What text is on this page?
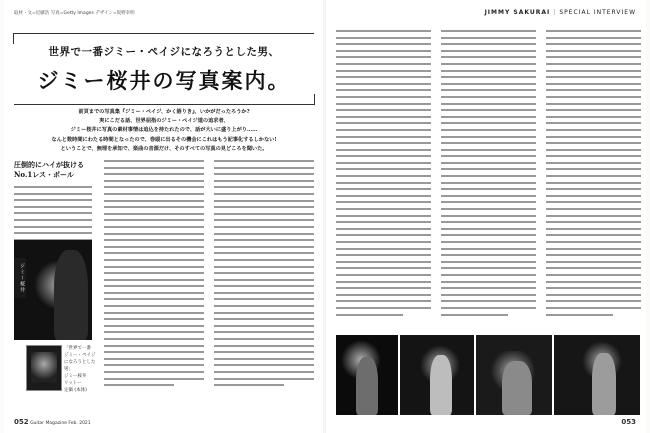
取材・文=近藤浩 写真=Getty Images デザイン=坂野幸明
世界で一番ジミー・ペイジになろうとした男、
ジミー桜井の写真案内。
前頁までの写真集『ジミー・ペイジ、かく語りき』、いかがだったろうか?
実にこだる話、世界屈指のジミー・ペイジ道の追求者、
ジミー桜井に写真の素材事情は追込を持たれたので、話が大いに盛り上がり……
なんと数時間にわたる時間となったので、巻頭に出るその機会にこれはもう記事化するしかない!
ということで、無理を承知で、楽曲の音源だけ、そのすべての写真の見どころを聞いた。
圧倒的にハイが抜ける
No.1レス・ポール
ジミー桜井
「世界で一番
ジミー・ペイジ
になろうとした
男」
ジミー桜井
リットー
定価 (本体)
052 Guitar Magazine Feb. 2021
JIMMY SAKURAI | SPECIAL INTERVIEW
053
